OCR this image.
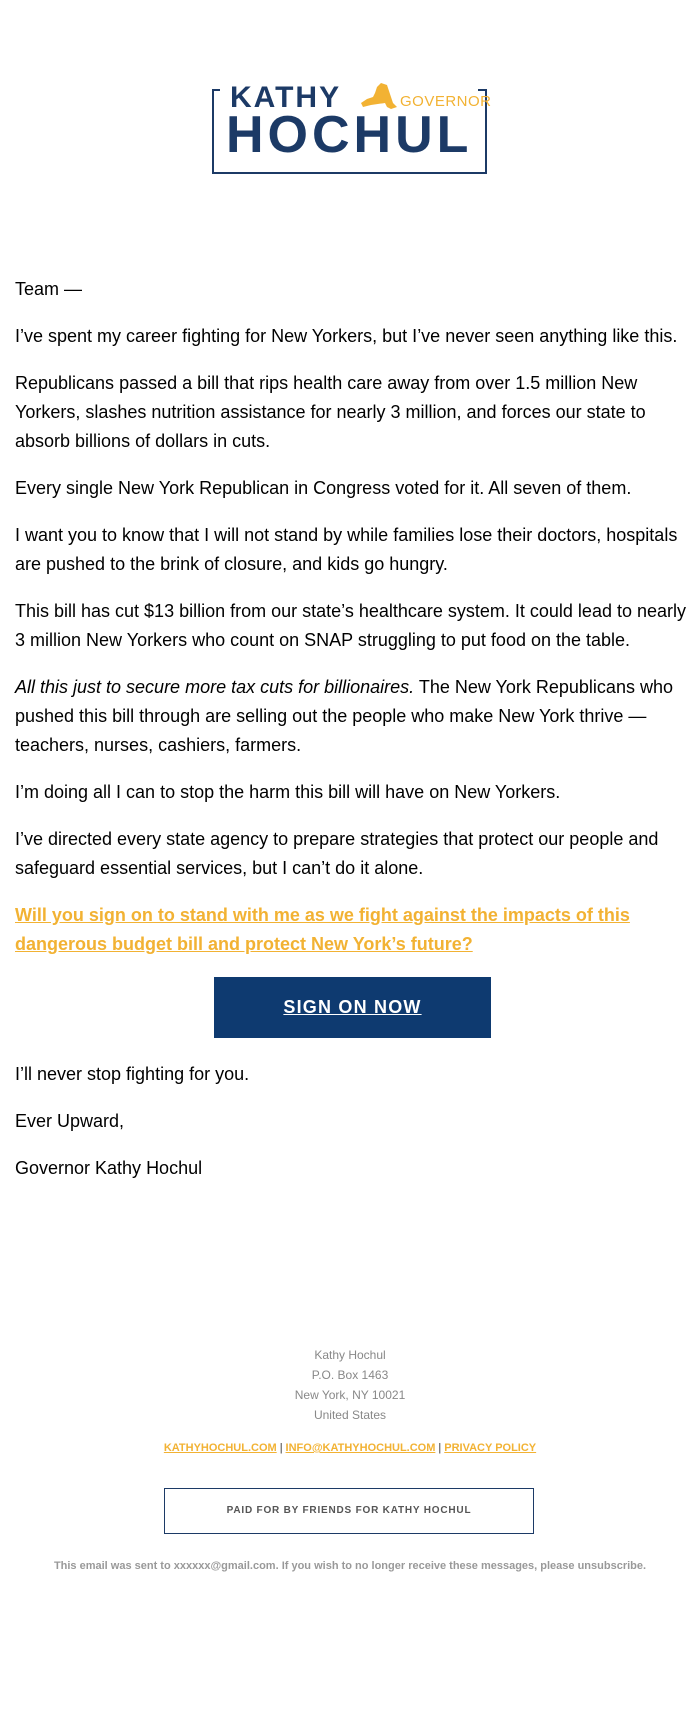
KATHY	GOVERNOR
HOCHUL

Team —

I’ve spent my career fighting for New Yorkers, but I’ve never seen anything like this.

Republicans passed a bill that rips health care away from over 1.5 million New Yorkers, slashes nutrition assistance for nearly 3 million, and forces our state to absorb billions of dollars in cuts.

Every single New York Republican in Congress voted for it. All seven of them.

I want you to know that I will not stand by while families lose their doctors, hospitals are pushed to the brink of closure, and kids go hungry.

This bill has cut $13 billion from our state’s healthcare system. It could lead to nearly 3 million New Yorkers who count on SNAP struggling to put food on the table.

All this just to secure more tax cuts for billionaires. The New York Republicans who pushed this bill through are selling out the people who make New York thrive — teachers, nurses, cashiers, farmers.

I’m doing all I can to stop the harm this bill will have on New Yorkers.

I’ve directed every state agency to prepare strategies that protect our people and safeguard essential services, but I can’t do it alone.

Will you sign on to stand with me as we fight against the impacts of this dangerous budget bill and protect New York’s future?

SIGN ON NOW

I’ll never stop fighting for you.

Ever Upward,

Governor Kathy Hochul

Kathy Hochul
P.O. Box 1463
New York, NY 10021
United States
KATHYHOCHUL.COM | INFO@KATHYHOCHUL.COM | PRIVACY POLICY
PAID FOR BY FRIENDS FOR KATHY HOCHUL
This email was sent to xxxxxx@gmail.com. If you wish to no longer receive these messages, please unsubscribe.
